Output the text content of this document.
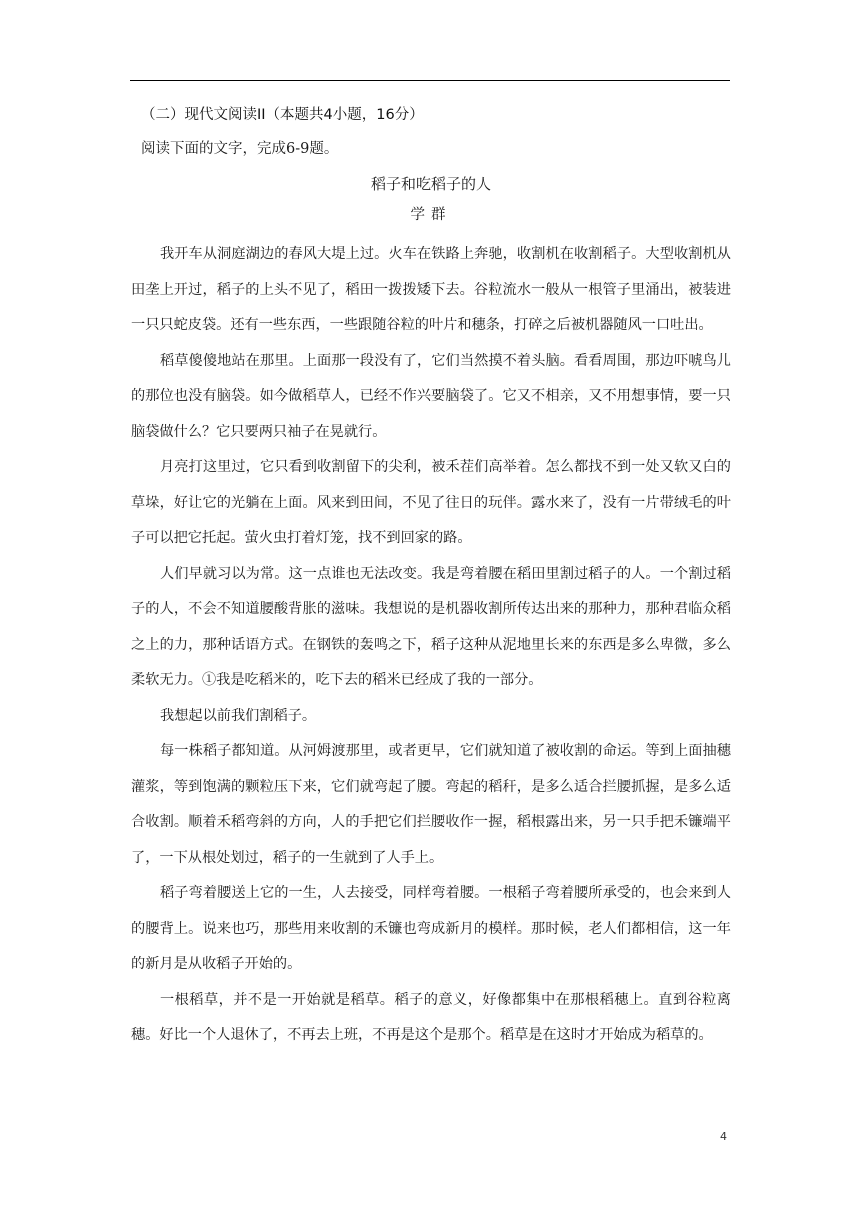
（二）现代文阅读II（本题共4小题，16分）
阅读下面的文字，完成6-9题。
稻子和吃稻子的人
学群

我开车从洞庭湖边的春风大堤上过。火车在铁路上奔驰，收割机在收割稻子。大型收割机从田垄上开过，稻子的上头不见了，稻田一拨拨矮下去。谷粒流水一般从一根管子里涌出，被装进一只只蛇皮袋。还有一些东西，一些跟随谷粒的叶片和穗条，打碎之后被机器随风一口吐出。

稻草傻傻地站在那里。上面那一段没有了，它们当然摸不着头脑。看看周围，那边吓唬鸟儿的那位也没有脑袋。如今做稻草人，已经不作兴要脑袋了。它又不相亲，又不用想事情，要一只脑袋做什么？它只要两只袖子在晃就行。

月亮打这里过，它只看到收割留下的尖利，被禾茬们高举着。怎么都找不到一处又软又白的草垛，好让它的光躺在上面。风来到田间，不见了往日的玩伴。露水来了，没有一片带绒毛的叶子可以把它托起。萤火虫打着灯笼，找不到回家的路。

人们早就习以为常。这一点谁也无法改变。我是弯着腰在稻田里割过稻子的人。一个割过稻子的人，不会不知道腰酸背胀的滋味。我想说的是机器收割所传达出来的那种力，那种君临众稻之上的力，那种话语方式。在钢铁的轰鸣之下，稻子这种从泥地里长来的东西是多么卑微，多么柔软无力。①我是吃稻米的，吃下去的稻米已经成了我的一部分。

我想起以前我们割稻子。

每一株稻子都知道。从河姆渡那里，或者更早，它们就知道了被收割的命运。等到上面抽穗灌浆，等到饱满的颗粒压下来，它们就弯起了腰。弯起的稻秆，是多么适合拦腰抓握，是多么适合收割。顺着禾稻弯斜的方向，人的手把它们拦腰收作一握，稻根露出来，另一只手把禾镰端平了，一下从根处划过，稻子的一生就到了人手上。

稻子弯着腰送上它的一生，人去接受，同样弯着腰。一根稻子弯着腰所承受的，也会来到人的腰背上。说来也巧，那些用来收割的禾镰也弯成新月的模样。那时候，老人们都相信，这一年的新月是从收稻子开始的。

一根稻草，并不是一开始就是稻草。稻子的意义，好像都集中在那根稻穗上。直到谷粒离穗。好比一个人退休了，不再去上班，不再是这个是那个。稻草是在这时才开始成为稻草的。

4
